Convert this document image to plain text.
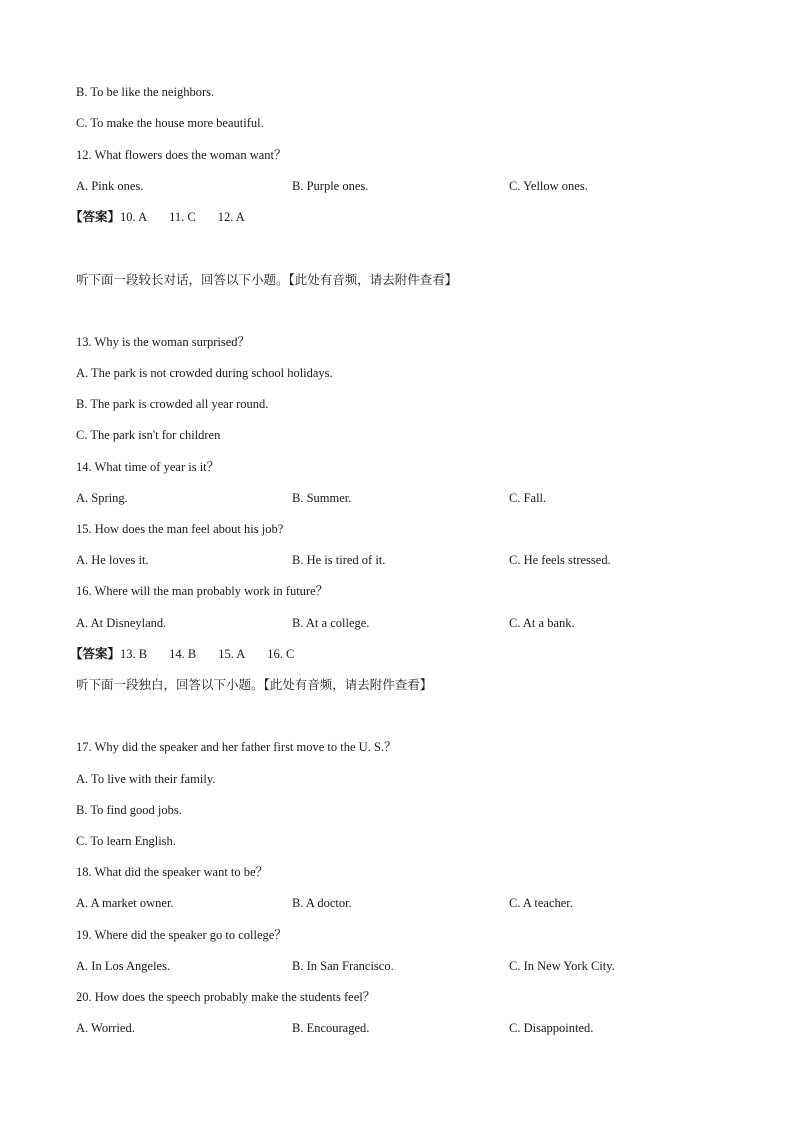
B. To be like the neighbors.
C. To make the house more beautiful.
12. What flowers does the woman want？
A. Pink ones.	B. Purple ones.	C. Yellow ones.
【答案】10. A 11. C 12. A
听下面一段较长对话，回答以下小题。【此处有音频，请去附件查看】
13. Why is the woman surprised？
A. The park is not crowded during school holidays.
B. The park is crowded all year round.
C. The park isn't for children
14. What time of year is it？
A. Spring.	B. Summer.	C. Fall.
15. How does the man feel about his job?
A. He loves it.	B. He is tired of it.	C. He feels stressed.
16. Where will the man probably work in future？
A. At Disneyland.	B. At a college.	C. At a bank.
【答案】13. B 14. B 15. A 16. C
听下面一段独白，回答以下小题。【此处有音频，请去附件查看】
17. Why did the speaker and her father first move to the U. S.？
A. To live with their family.
B. To find good jobs.
C. To learn English.
18. What did the speaker want to be？
A. A market owner.	B. A doctor.	C. A teacher.
19. Where did the speaker go to college？
A. In Los Angeles.	B. In San Francisco.	C. In New York City.
20. How does the speech probably make the students feel？
A. Worried.	B. Encouraged.	C. Disappointed.
